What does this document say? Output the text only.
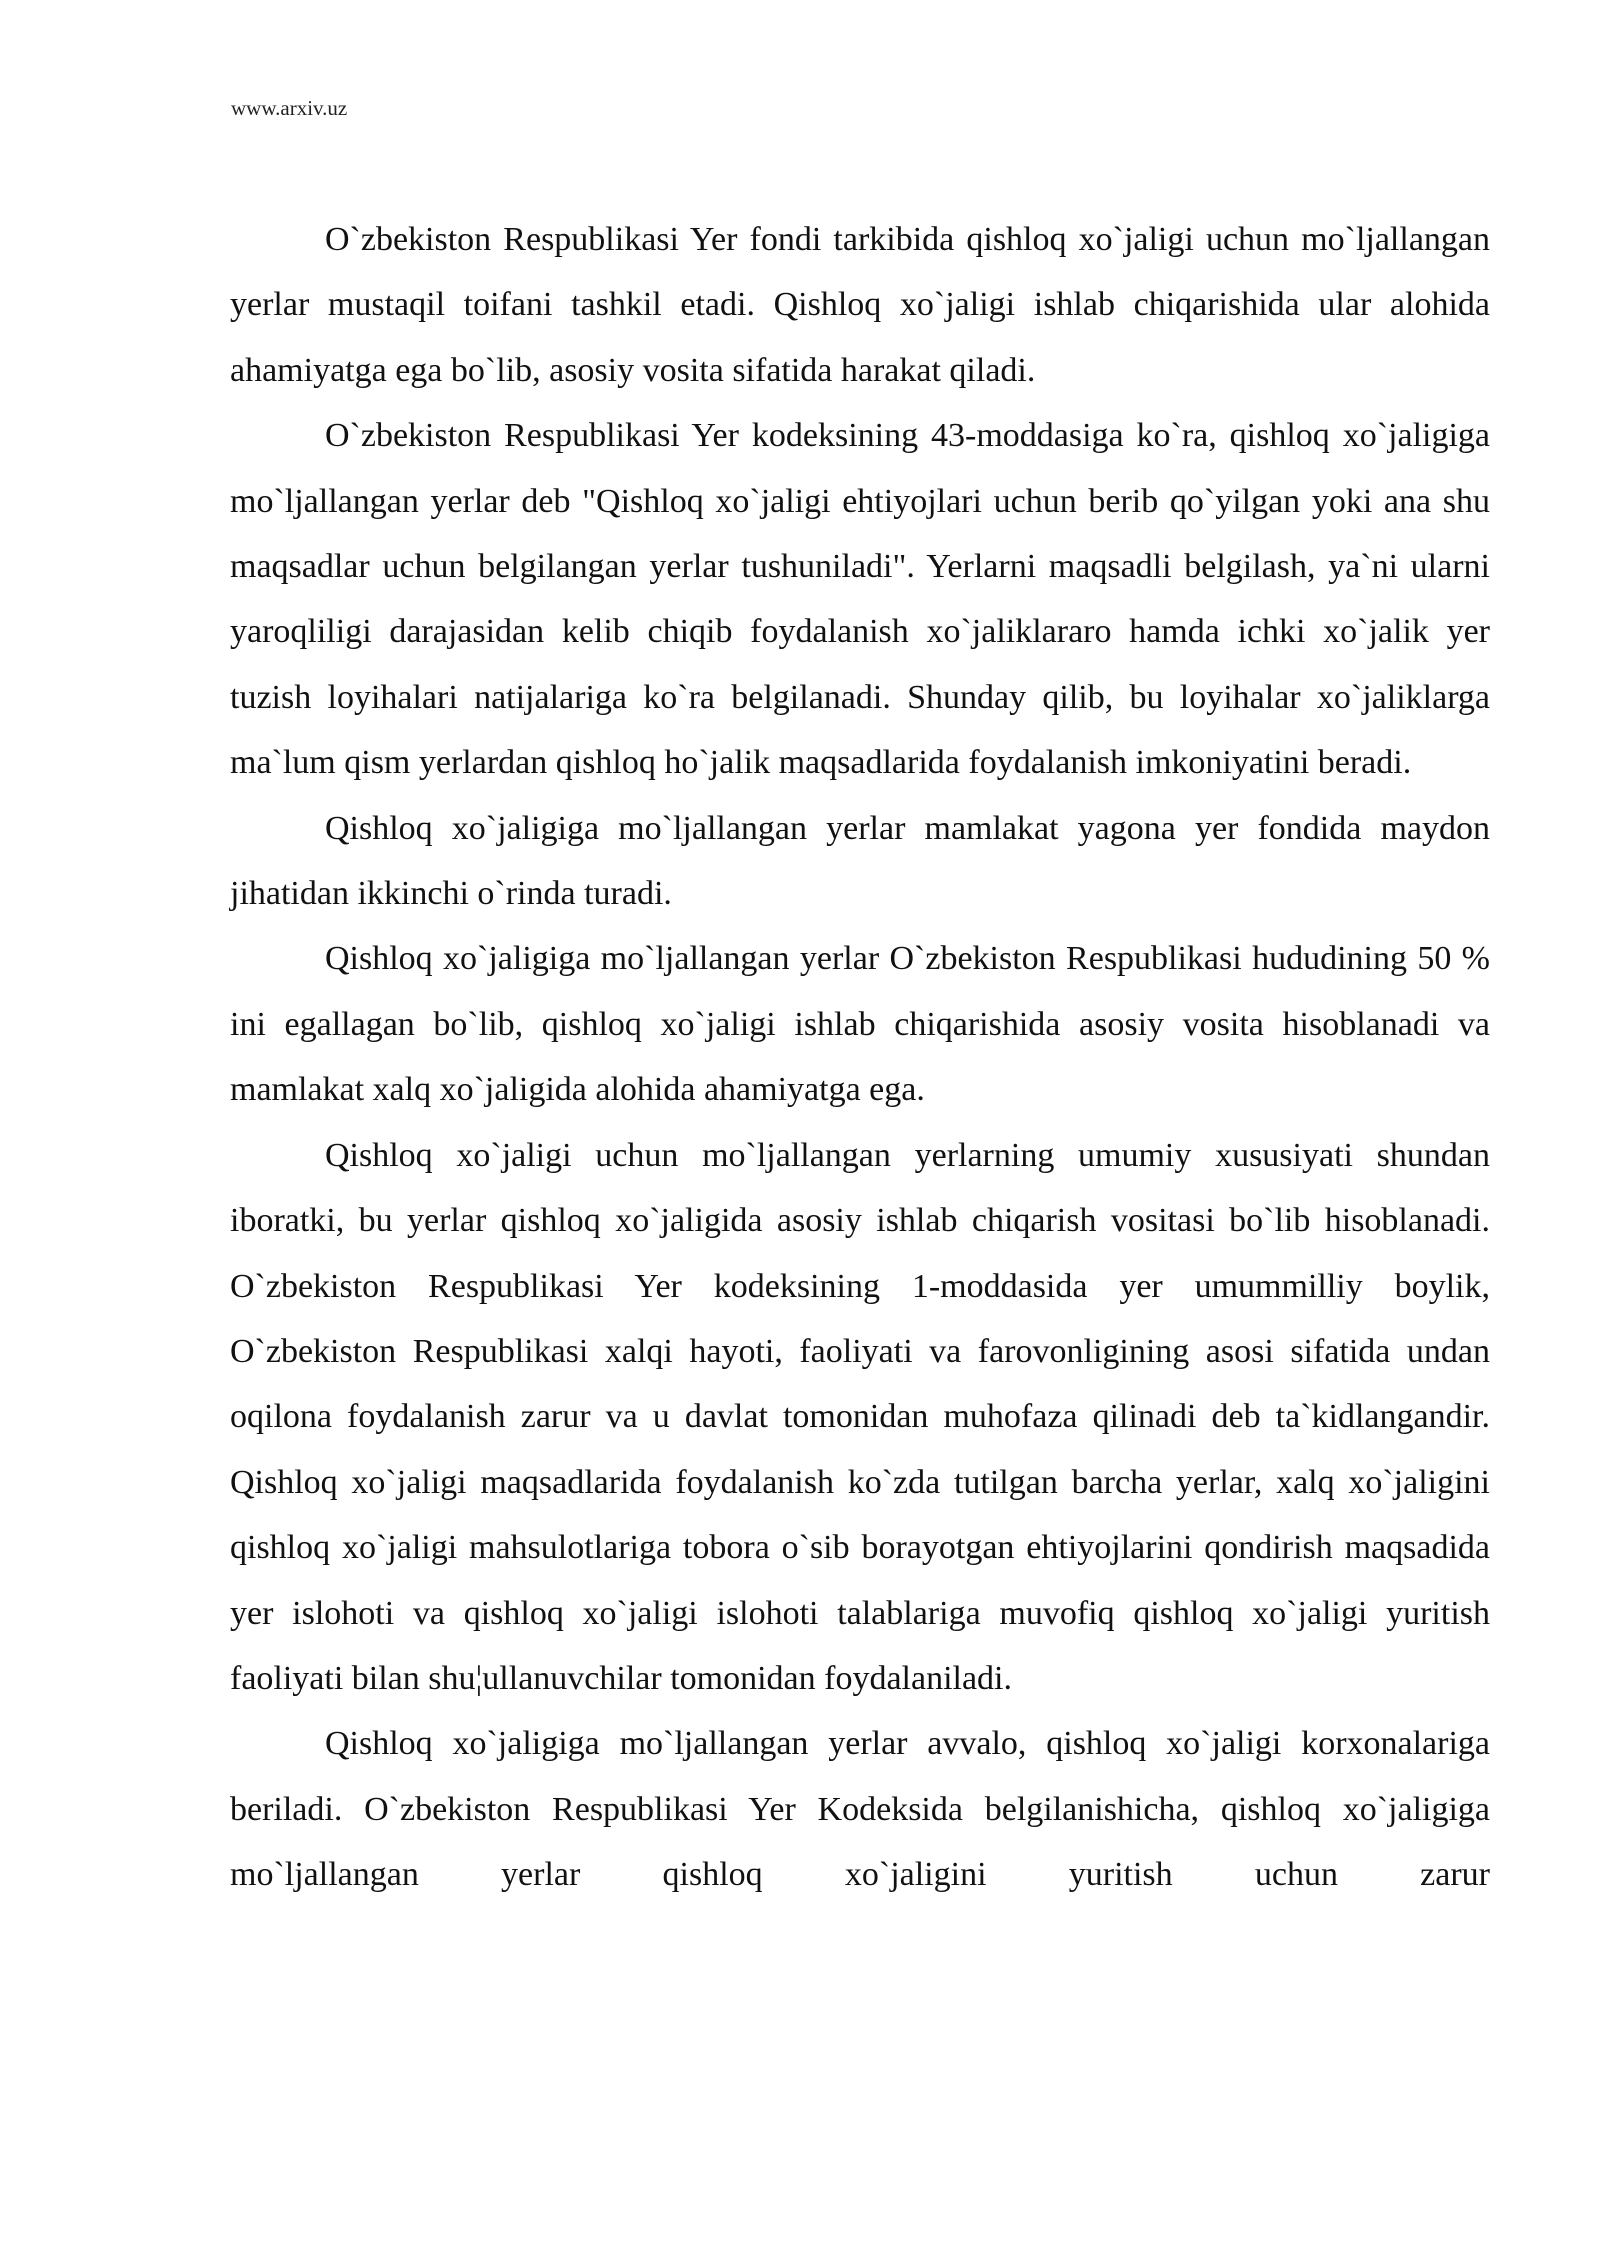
www.arxiv.uz

O`zbekiston Respublikasi Yer fondi tarkibida qishloq xo`jaligi uchun mo`ljallangan yerlar mustaqil toifani tashkil etadi. Qishloq xo`jaligi ishlab chiqarishida ular alohida ahamiyatga ega bo`lib, asosiy vosita sifatida harakat qiladi.

O`zbekiston Respublikasi Yer kodeksining 43-moddasiga ko`ra, qishloq xo`jaligiga mo`ljallangan yerlar deb "Qishloq xo`jaligi ehtiyojlari uchun berib qo`yilgan yoki ana shu maqsadlar uchun belgilangan yerlar tushuniladi". Yerlarni maqsadli belgilash, ya`ni ularni yaroqliligi darajasidan kelib chiqib foydalanish xo`jaliklararo hamda ichki xo`jalik yer tuzish loyihalari natijalariga ko`ra belgilanadi. Shunday qilib, bu loyihalar xo`jaliklarga ma`lum qism yerlardan qishloq ho`jalik maqsadlarida foydalanish imkoniyatini beradi.

Qishloq xo`jaligiga mo`ljallangan yerlar mamlakat yagona yer fondida maydon jihatidan ikkinchi o`rinda turadi.

Qishloq xo`jaligiga mo`ljallangan yerlar O`zbekiston Respublikasi hududining 50 % ini egallagan bo`lib, qishloq xo`jaligi ishlab chiqarishida asosiy vosita hisoblanadi va mamlakat xalq xo`jaligida alohida ahamiyatga ega.

Qishloq xo`jaligi uchun mo`ljallangan yerlarning umumiy xususiyati shundan iboratki, bu yerlar qishloq xo`jaligida asosiy ishlab chiqarish vositasi bo`lib hisoblanadi. O`zbekiston Respublikasi Yer kodeksining 1-moddasida yer umummilliy boylik, O`zbekiston Respublikasi xalqi hayoti, faoliyati va farovonligining asosi sifatida undan oqilona foydalanish zarur va u davlat tomonidan muhofaza qilinadi deb ta`kidlangandir. Qishloq xo`jaligi maqsadlarida foydalanish ko`zda tutilgan barcha yerlar, xalq xo`jaligini qishloq xo`jaligi mahsulotlariga tobora o`sib borayotgan ehtiyojlarini qondirish maqsadida yer islohoti va qishloq xo`jaligi islohoti talablariga muvofiq qishloq xo`jaligi yuritish faoliyati bilan shu¦ullanuvchilar tomonidan foydalaniladi.

Qishloq xo`jaligiga mo`ljallangan yerlar avvalo, qishloq xo`jaligi korxonalariga beriladi. O`zbekiston Respublikasi Yer Kodeksida belgilanishicha, qishloq xo`jaligiga mo`ljallangan yerlar qishloq xo`jaligini yuritish uchun zarur
